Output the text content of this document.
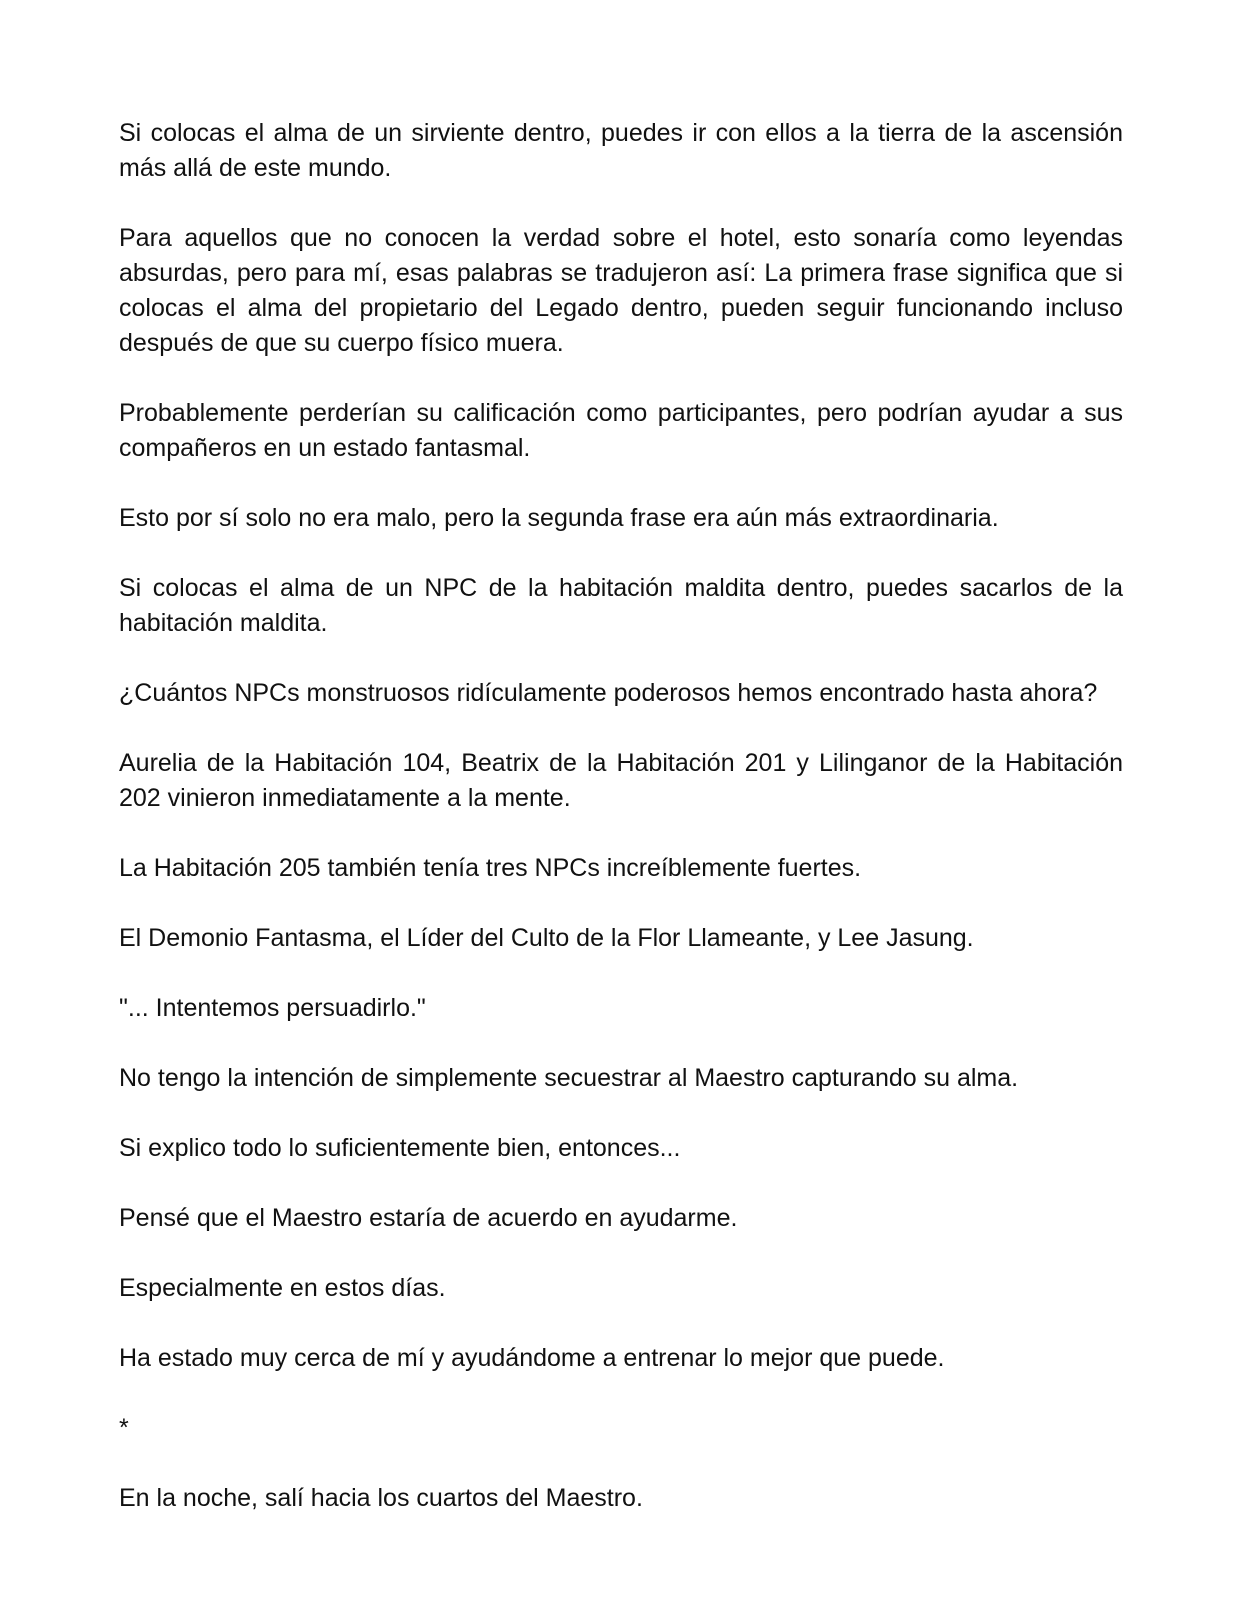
Si colocas el alma de un sirviente dentro, puedes ir con ellos a la tierra de la ascensión más allá de este mundo.

Para aquellos que no conocen la verdad sobre el hotel, esto sonaría como leyendas absurdas, pero para mí, esas palabras se tradujeron así: La primera frase significa que si colocas el alma del propietario del Legado dentro, pueden seguir funcionando incluso después de que su cuerpo físico muera.

Probablemente perderían su calificación como participantes, pero podrían ayudar a sus compañeros en un estado fantasmal.

Esto por sí solo no era malo, pero la segunda frase era aún más extraordinaria.

Si colocas el alma de un NPC de la habitación maldita dentro, puedes sacarlos de la habitación maldita.

¿Cuántos NPCs monstruosos ridículamente poderosos hemos encontrado hasta ahora?

Aurelia de la Habitación 104, Beatrix de la Habitación 201 y Lilinganor de la Habitación 202 vinieron inmediatamente a la mente.

La Habitación 205 también tenía tres NPCs increíblemente fuertes.

El Demonio Fantasma, el Líder del Culto de la Flor Llameante, y Lee Jasung.

"... Intentemos persuadirlo."

No tengo la intención de simplemente secuestrar al Maestro capturando su alma.

Si explico todo lo suficientemente bien, entonces...

Pensé que el Maestro estaría de acuerdo en ayudarme.

Especialmente en estos días.

Ha estado muy cerca de mí y ayudándome a entrenar lo mejor que puede.

*

En la noche, salí hacia los cuartos del Maestro.
